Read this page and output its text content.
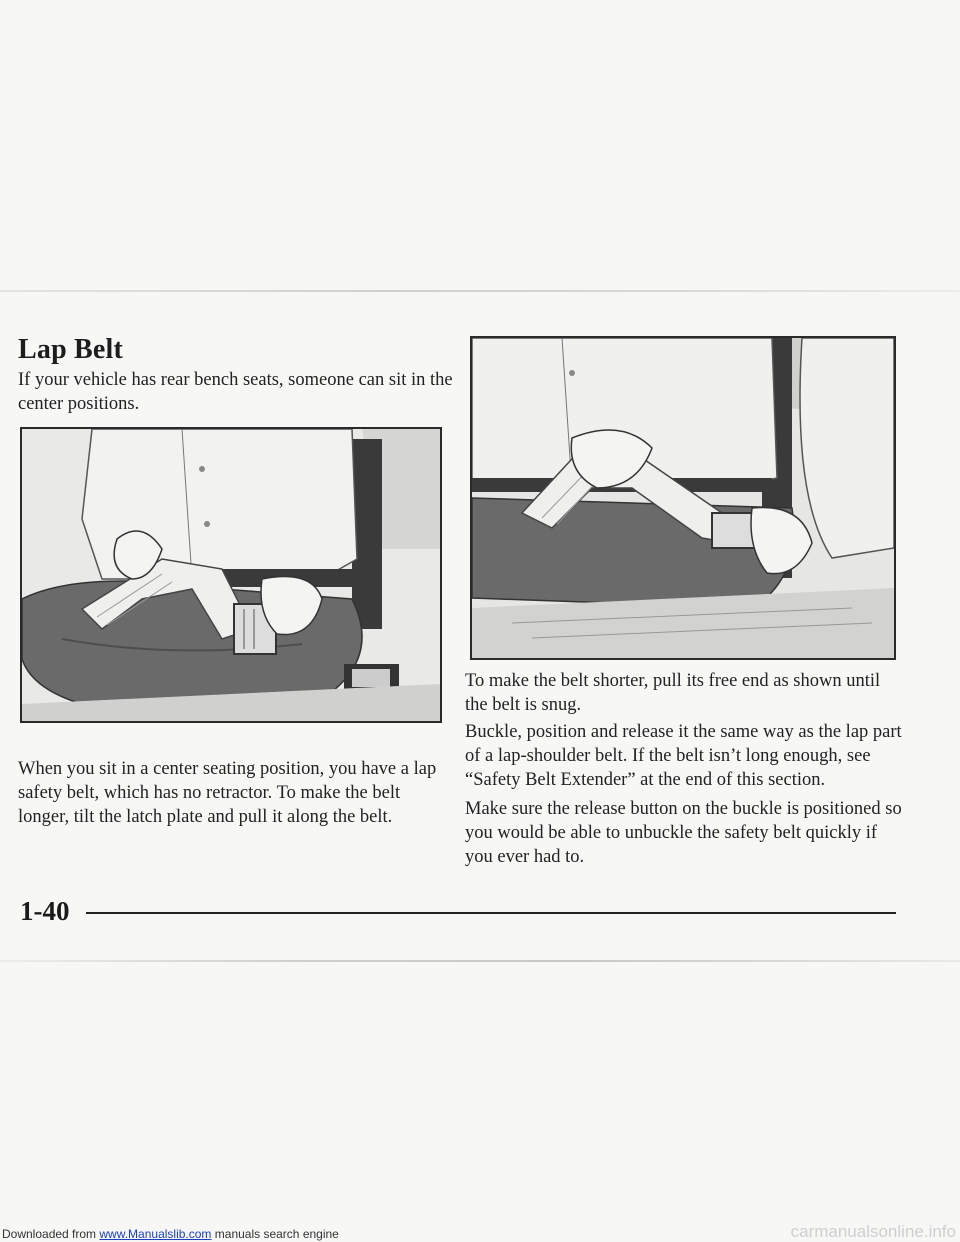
Lap Belt
If your vehicle has rear bench seats, someone can sit in the center positions.
When you sit in a center seating position, you have a lap safety belt, which has no retractor. To make the belt longer, tilt the latch plate and pull it along the belt.
To make the belt shorter, pull its free end as shown until the belt is snug.
Buckle, position and release it the same way as the lap part of a lap-shoulder belt. If the belt isn’t long enough, see “Safety Belt Extender” at the end of this section.
Make sure the release button on the buckle is positioned so you would be able to unbuckle the safety belt quickly if you ever had to.
1-40
Downloaded from www.Manualslib.com manuals search engine	carmanualsonline.info
